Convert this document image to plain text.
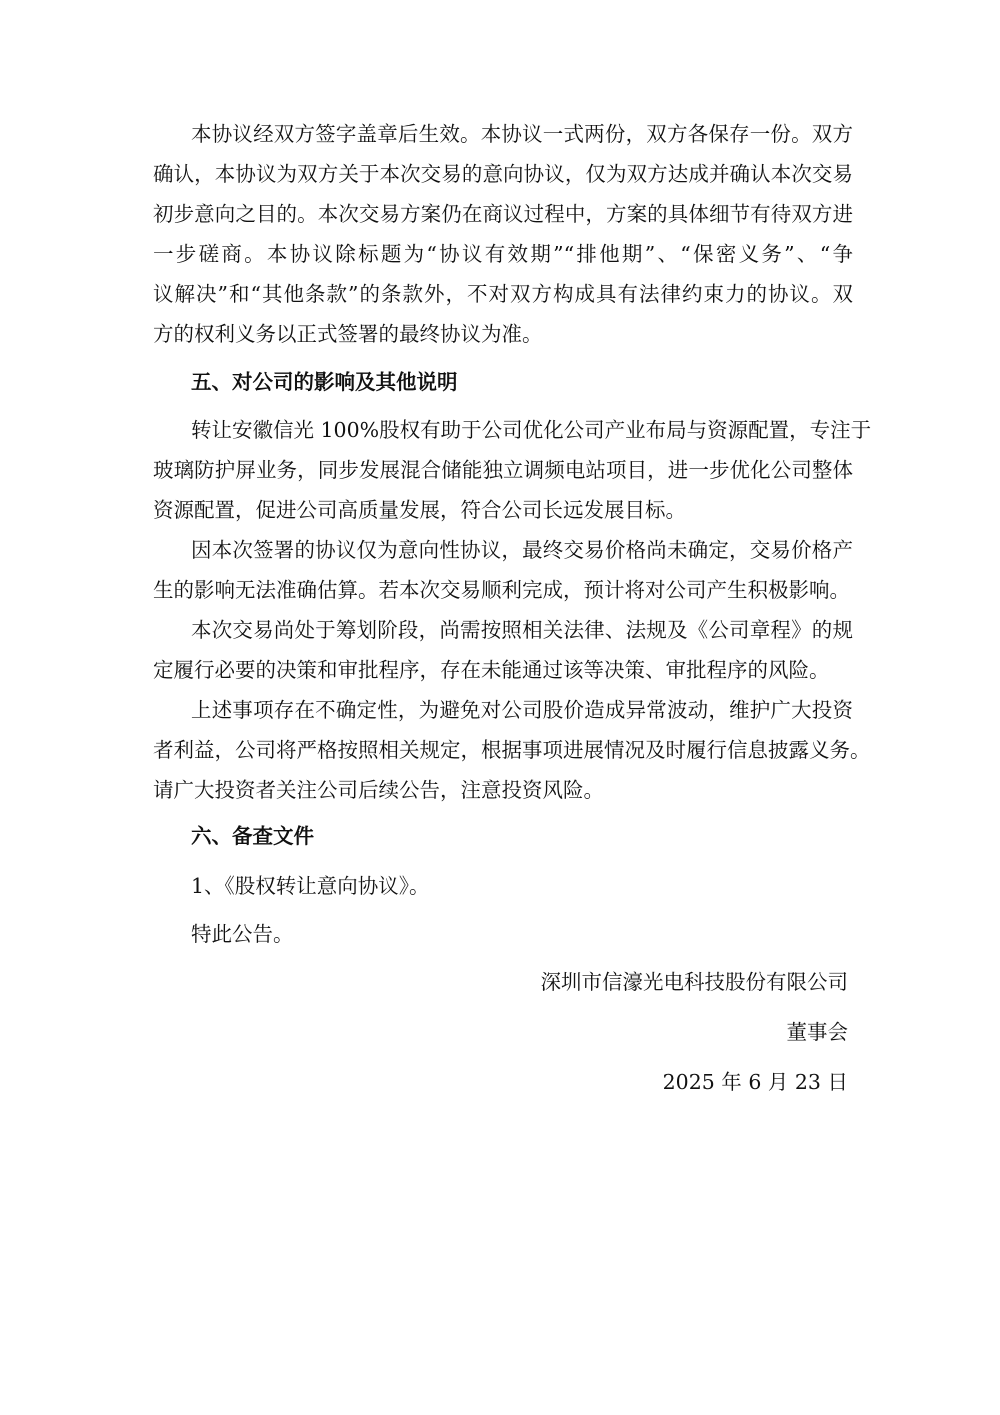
本协议经双方签字盖章后生效。本协议一式两份，双方各保存一份。双方
确认，本协议为双方关于本次交易的意向协议，仅为双方达成并确认本次交易
初步意向之目的。本次交易方案仍在商议过程中，方案的具体细节有待双方进
一步磋商。本协议除标题为“协议有效期”“排他期”、“保密义务”、“争
议解决”和“其他条款”的条款外，不对双方构成具有法律约束力的协议。双
方的权利义务以正式签署的最终协议为准。
五、对公司的影响及其他说明
转让安徽信光 100%股权有助于公司优化公司产业布局与资源配置，专注于
玻璃防护屏业务，同步发展混合储能独立调频电站项目，进一步优化公司整体
资源配置，促进公司高质量发展，符合公司长远发展目标。
因本次签署的协议仅为意向性协议，最终交易价格尚未确定，交易价格产
生的影响无法准确估算。若本次交易顺利完成，预计将对公司产生积极影响。
本次交易尚处于筹划阶段，尚需按照相关法律、法规及《公司章程》的规
定履行必要的决策和审批程序，存在未能通过该等决策、审批程序的风险。
上述事项存在不确定性，为避免对公司股价造成异常波动，维护广大投资
者利益，公司将严格按照相关规定，根据事项进展情况及时履行信息披露义务。
请广大投资者关注公司后续公告，注意投资风险。
六、备查文件
1、《股权转让意向协议》。
特此公告。
深圳市信濠光电科技股份有限公司
董事会
2025 年 6 月 23 日
